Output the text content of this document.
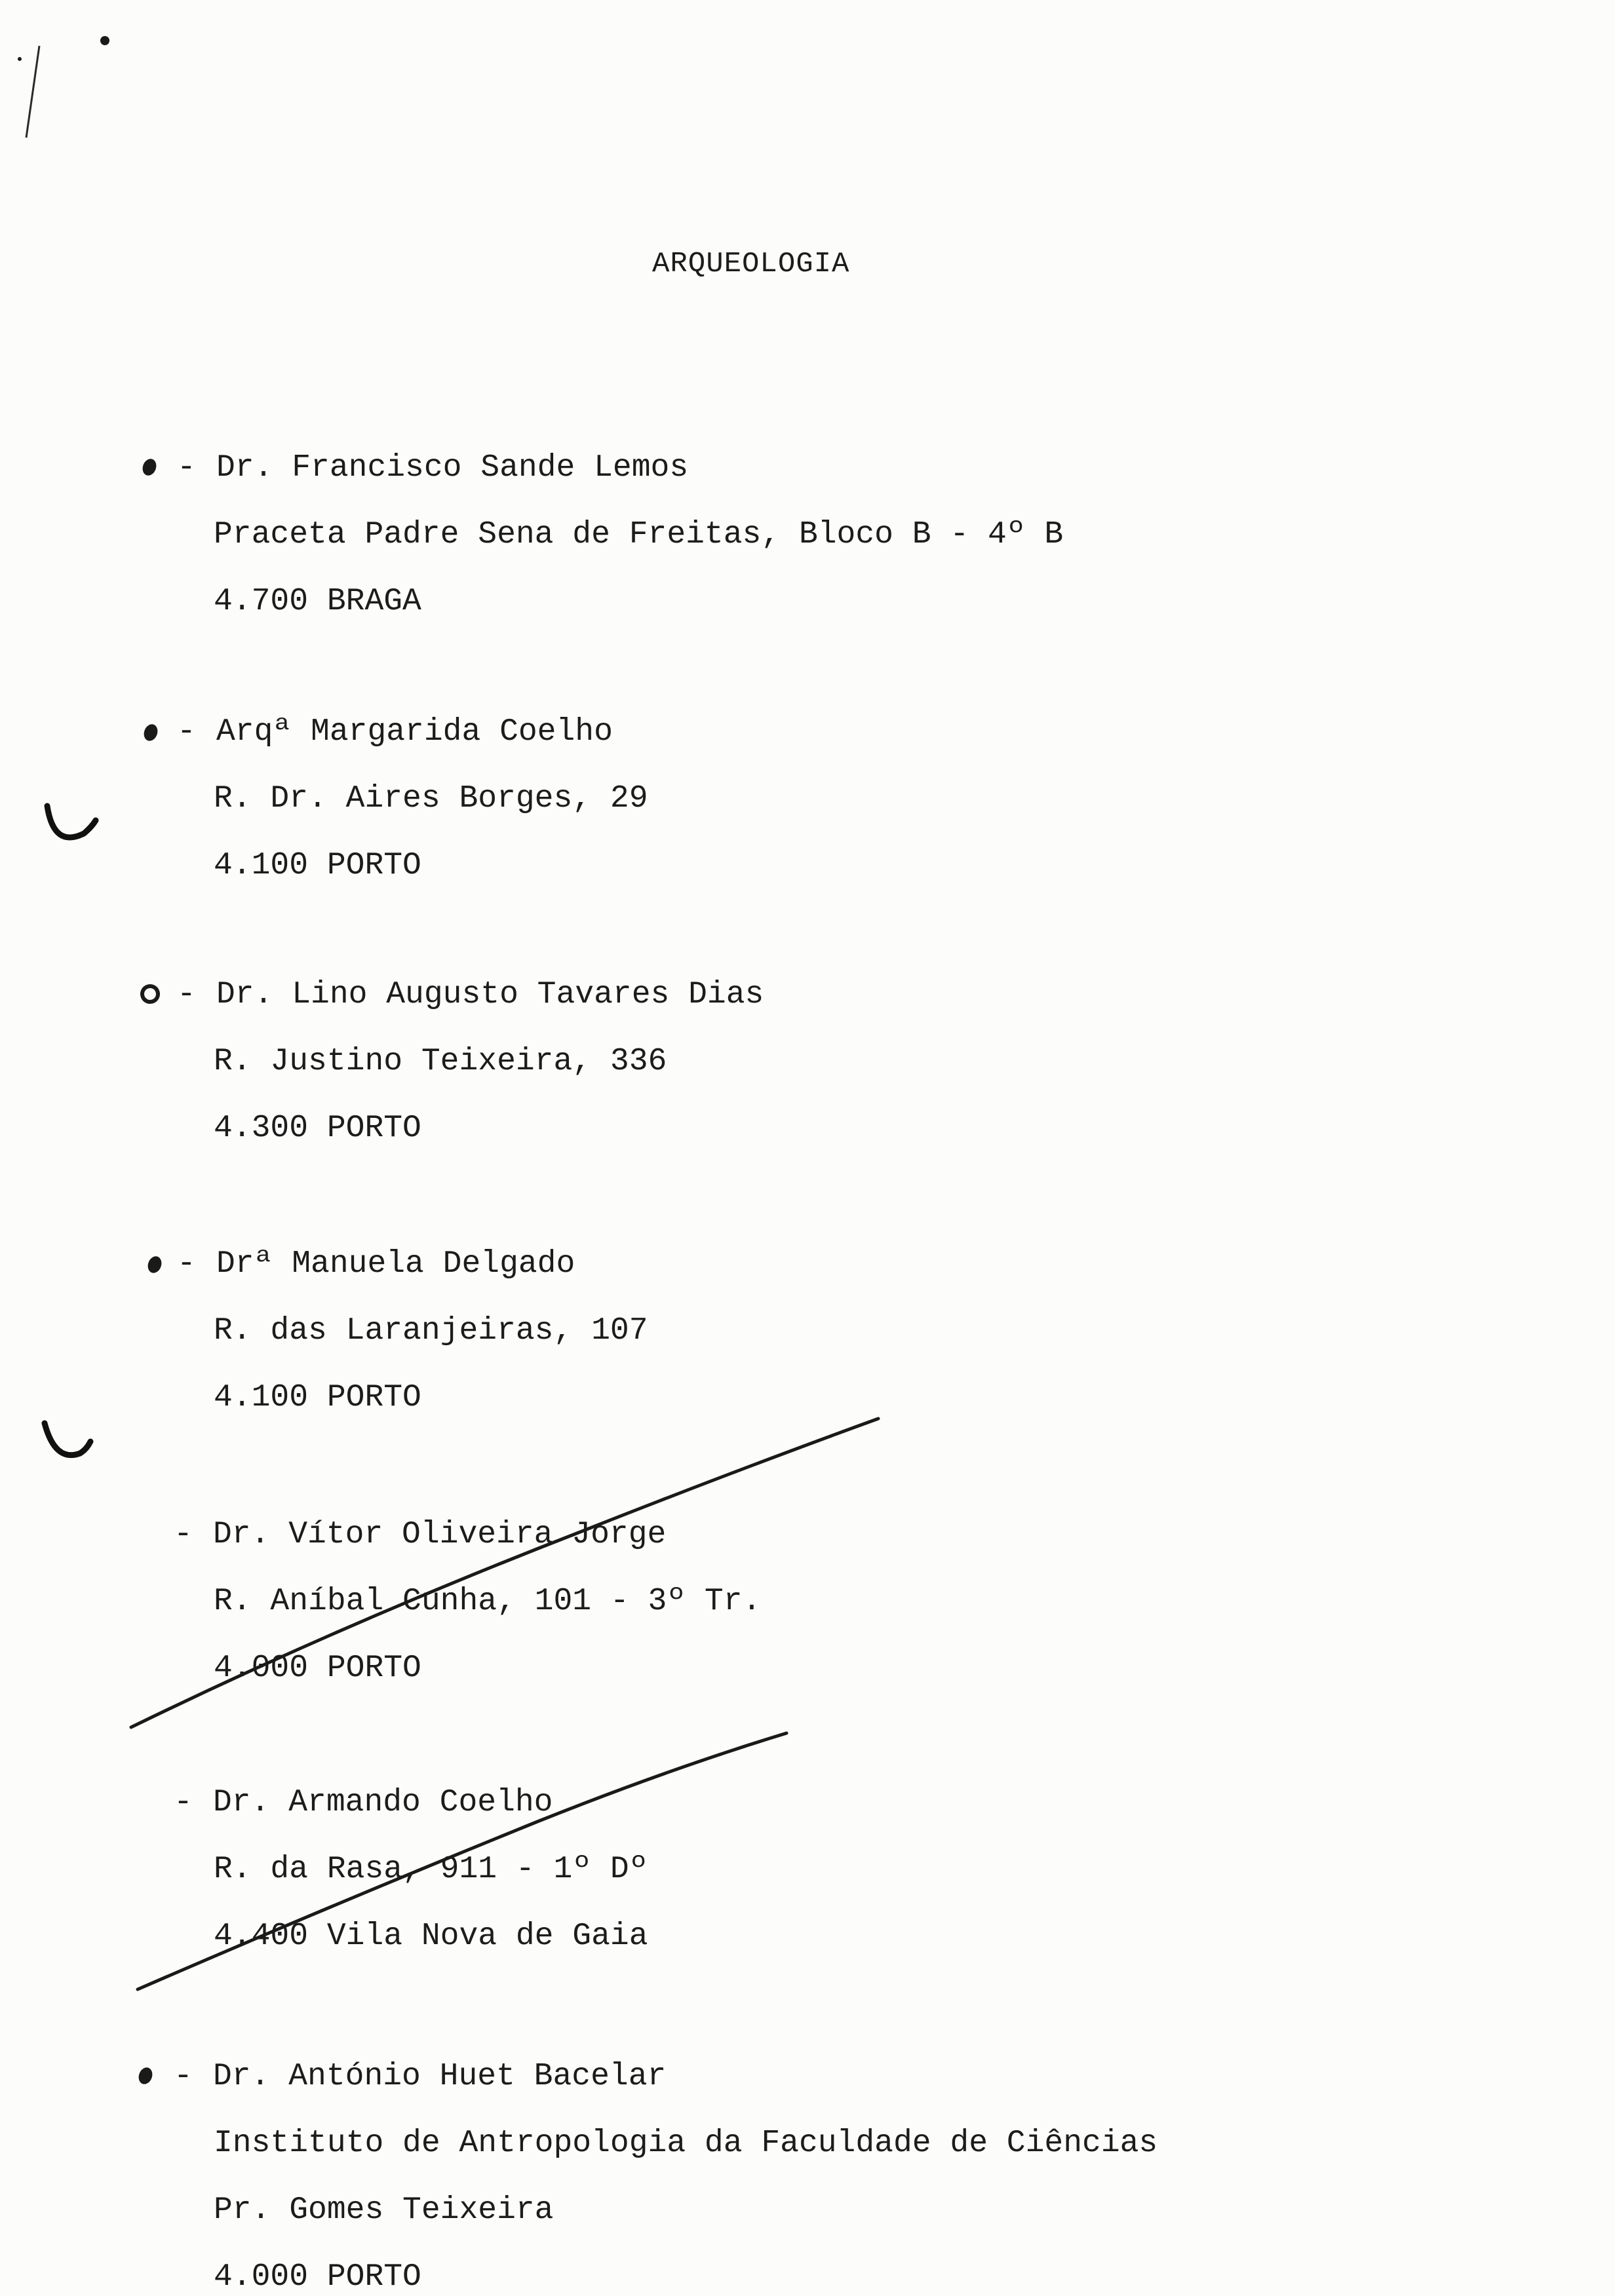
ARQUEOLOGIA
- Dr. Francisco Sande Lemos
Praceta Padre Sena de Freitas, Bloco B - 4º B
4.700 BRAGA
- Arqª Margarida Coelho
R. Dr. Aires Borges, 29
4.100 PORTO
- Dr. Lino Augusto Tavares Dias
R. Justino Teixeira, 336
4.300 PORTO
- Drª Manuela Delgado
R. das Laranjeiras, 107
4.100 PORTO
- Dr. Vítor Oliveira Jorge
R. Aníbal Cunha, 101 - 3º Tr.
4.000 PORTO
- Dr. Armando Coelho
R. da Rasa, 911 - 1º Dº
4.400 Vila Nova de Gaia
- Dr. António Huet Bacelar
Instituto de Antropologia da Faculdade de Ciências
Pr. Gomes Teixeira
4.000 PORTO
